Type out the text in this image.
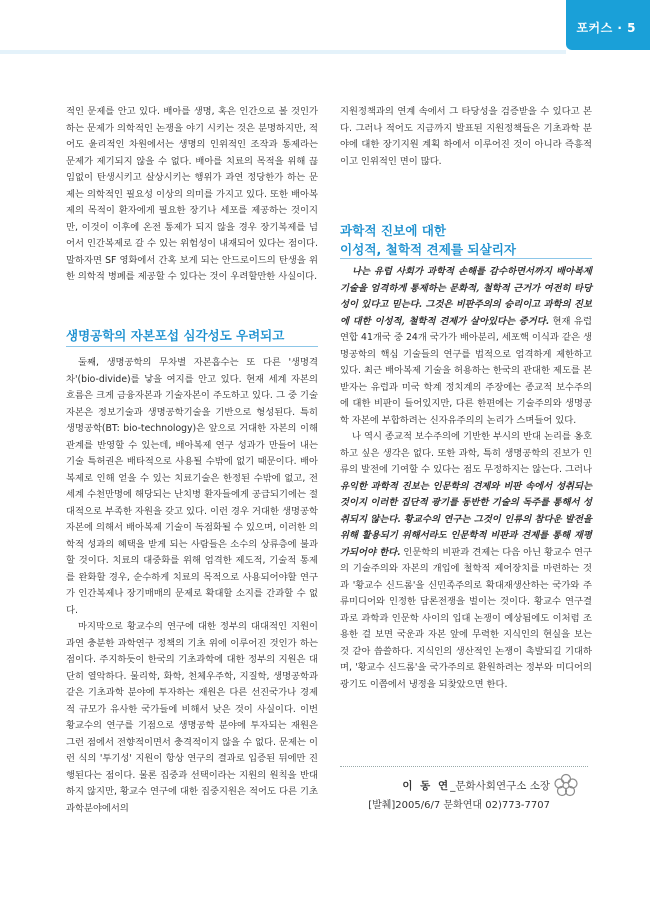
포커스 · 5

적인 문제를 안고 있다. 배아를 생명, 혹은 인간으로 볼 것인가 하는 문제가 의학적인 논쟁을 야기 시키는 것은 분명하지만, 적어도 윤리적인 차원에서는 생명의 인위적인 조작과 통제라는 문제가 제기되지 않을 수 없다. 배아를 치료의 목적을 위해 끊임없이 탄생시키고 살상시키는 행위가 과연 정당한가 하는 문제는 의학적인 필요성 이상의 의미를 가지고 있다. 또한 배아복제의 목적이 환자에게 필요한 장기나 세포를 제공하는 것이지만, 이것이 이후에 온전 통제가 되지 않을 경우 장기복제를 넘어서 인간복제로 갈 수 있는 위험성이 내재되어 있다는 점이다. 말하자면 SF 영화에서 간혹 보게 되는 안드로이드의 탄생을 위한 의학적 병폐를 제공할 수 있다는 것이 우려할만한 사실이다.

생명공학의 자본포섭 심각성도 우려되고

둘째, 생명공학의 무차별 자본흡수는 또 다른 '생명격차'(bio-divide)를 낳을 여지를 안고 있다. 현재 세계 자본의 흐름은 크게 금융자본과 기술자본이 주도하고 있다. 그 중 기술자본은 정보기술과 생명공학기술을 기반으로 형성된다. 특히 생명공학(BT: bio-technology)은 앞으로 거대한 자본의 이해관계를 반영할 수 있는데, 배아복제 연구 성과가 만들어 내는 기술 특허권은 배타적으로 사용될 수밖에 없기 때문이다. 배아복제로 인해 얻을 수 있는 치료기술은 한정된 수밖에 없고, 전 세계 수천만명에 해당되는 난치병 환자들에게 공급되기에는 절대적으로 부족한 자원을 갖고 있다. 이런 경우 거대한 생명공학 자본에 의해서 배아복제 기술이 독점화될 수 있으며, 이러한 의학적 성과의 혜택을 받게 되는 사람들은 소수의 상류층에 불과할 것이다. 치료의 대중화를 위해 엄격한 제도적, 기술적 통제를 완화할 경우, 순수하게 치료의 목적으로 사용되어야할 연구가 인간복제나 장기매매의 문제로 확대할 소지를 간과할 수 없다.

마지막으로 황교수의 연구에 대한 정부의 대대적인 지원이 과연 충분한 과학연구 정책의 기초 위에 이루어진 것인가 하는 점이다. 주지하듯이 한국의 기초과학에 대한 정부의 지원은 대단히 열악하다. 물리학, 화학, 천체우주학, 지질학, 생명공학과 같은 기초과학 분야에 투자하는 재원은 다른 선진국가나 경제적 규모가 유사한 국가들에 비해서 낮은 것이 사실이다. 이번 황교수의 연구를 기점으로 생명공학 분야에 투자되는 재원은 그런 점에서 전향적이면서 충격적이지 않을 수 없다. 문제는 이런 식의 '투기성' 지원이 항상 연구의 결과로 입증된 뒤에만 진행된다는 점이다. 물론 집중과 선택이라는 지원의 원칙을 반대하지 않지만, 황교수 연구에 대한 집중지원은 적어도 다른 기초과학분야에서의

지원정책과의 연계 속에서 그 타당성을 검증받을 수 있다고 본다. 그러나 적어도 지금까지 발표된 지원정책들은 기초과학 분야에 대한 장기지원 계획 하에서 이루어진 것이 아니라 즉흥적이고 인위적인 면이 많다.

과학적 진보에 대한
이성적, 철학적 견제를 되살리자

나는 유럽 사회가 과학적 손해를 감수하면서까지 배아복제 기술을 엄격하게 통제하는 문화적, 철학적 근거가 여전히 타당성이 있다고 믿는다. 그것은 비판주의의 승리이고 과학의 진보에 대한 이성적, 철학적 견제가 살아있다는 증거다. 현재 유럽연합 41개국 중 24개 국가가 배아분리, 세포핵 이식과 같은 생명공학의 핵심 기술들의 연구를 법적으로 엄격하게 제한하고 있다. 최근 배아복제 기술을 허용하는 한국의 관대한 제도를 본받자는 유럽과 미국 학계 정치계의 주장에는 종교적 보수주의에 대한 비판이 들어있지만, 다른 한편에는 기술주의와 생명공학 자본에 부합하려는 신자유주의의 논리가 스며들어 있다.

나 역시 종교적 보수주의에 기반한 부시의 반대 논리를 옹호하고 싶은 생각은 없다. 또한 과학, 특히 생명공학의 진보가 인류의 발전에 기여할 수 있다는 점도 무정하지는 않는다. 그러나 유익한 과학적 진보는 인문학의 견제와 비판 속에서 성취되는 것이지 이러한 집단적 광기를 동반한 기술의 독주를 통해서 성취되지 않는다. 황교수의 연구는 그것이 인류의 참다운 발전을 위해 활용되기 위해서라도 인문학적 비판과 견제를 통해 재평가되어야 한다. 인문학의 비판과 견제는 다음 아닌 황교수 연구의 기술주의와 자본의 개입에 철학적 제어장치를 마련하는 것과 '황교수 신드롬'을 신민족주의로 확대재생산하는 국가와 주류미디어와 인정한 담론전쟁을 벌이는 것이다. 황교수 연구결과로 과학과 인문학 사이의 입대 논쟁이 예상됨에도 이처럼 조용한 걸 보면 국운과 자본 앞에 무력한 지식인의 현실을 보는 것 같아 씁쓸하다. 지식인의 생산적인 논쟁이 촉발되길 기대하며, '황교수 신드롬'을 국가주의로 환원하려는 정부와 미디어의 광기도 이쯤에서 냉정을 되찾았으면 한다.

이 동 연_문화사회연구소 소장
[발췌]2005/6/7 문화연대 02)773-7707
